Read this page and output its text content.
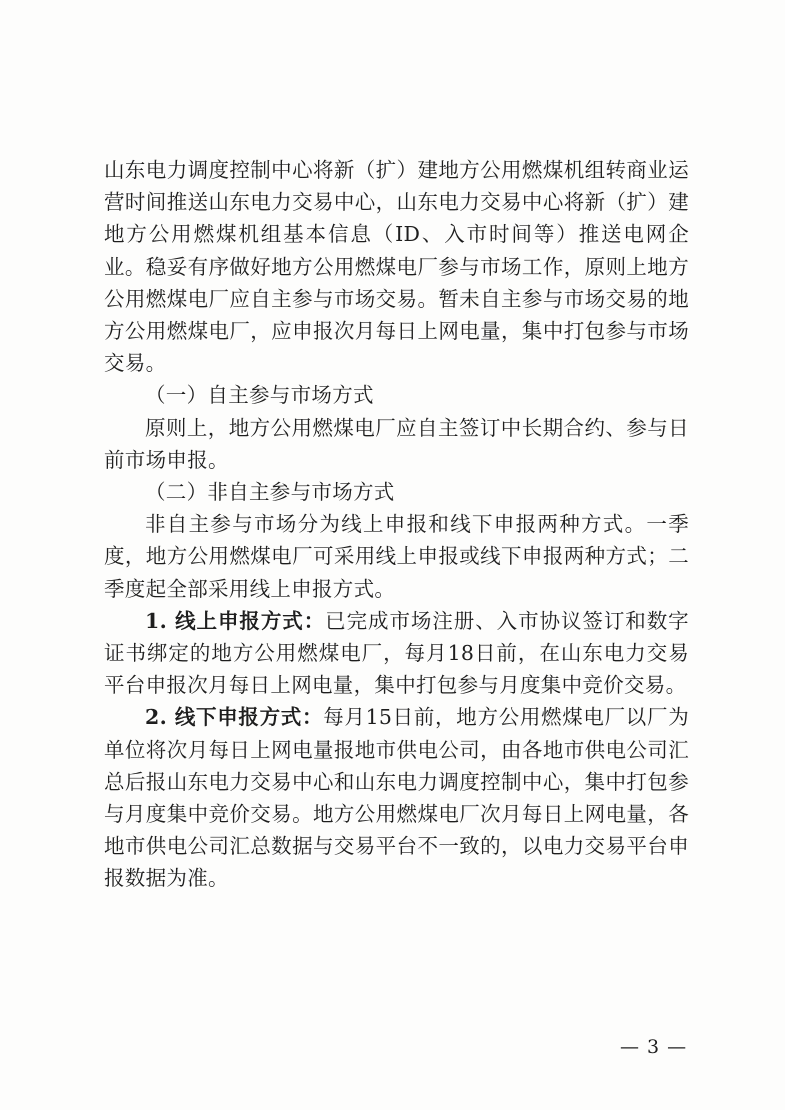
山东电力调度控制中心将新（扩）建地方公用燃煤机组转商业运营时间推送山东电力交易中心，山东电力交易中心将新（扩）建地方公用燃煤机组基本信息（ID、入市时间等）推送电网企业。稳妥有序做好地方公用燃煤电厂参与市场工作，原则上地方公用燃煤电厂应自主参与市场交易。暂未自主参与市场交易的地方公用燃煤电厂，应申报次月每日上网电量，集中打包参与市场交易。

（一）自主参与市场方式

原则上，地方公用燃煤电厂应自主签订中长期合约、参与日前市场申报。

（二）非自主参与市场方式

非自主参与市场分为线上申报和线下申报两种方式。一季度，地方公用燃煤电厂可采用线上申报或线下申报两种方式；二季度起全部采用线上申报方式。

1. 线上申报方式：已完成市场注册、入市协议签订和数字证书绑定的地方公用燃煤电厂，每月18日前，在山东电力交易平台申报次月每日上网电量，集中打包参与月度集中竞价交易。

2. 线下申报方式：每月15日前，地方公用燃煤电厂以厂为单位将次月每日上网电量报地市供电公司，由各地市供电公司汇总后报山东电力交易中心和山东电力调度控制中心，集中打包参与月度集中竞价交易。地方公用燃煤电厂次月每日上网电量，各地市供电公司汇总数据与交易平台不一致的，以电力交易平台申报数据为准。

— 3 —
